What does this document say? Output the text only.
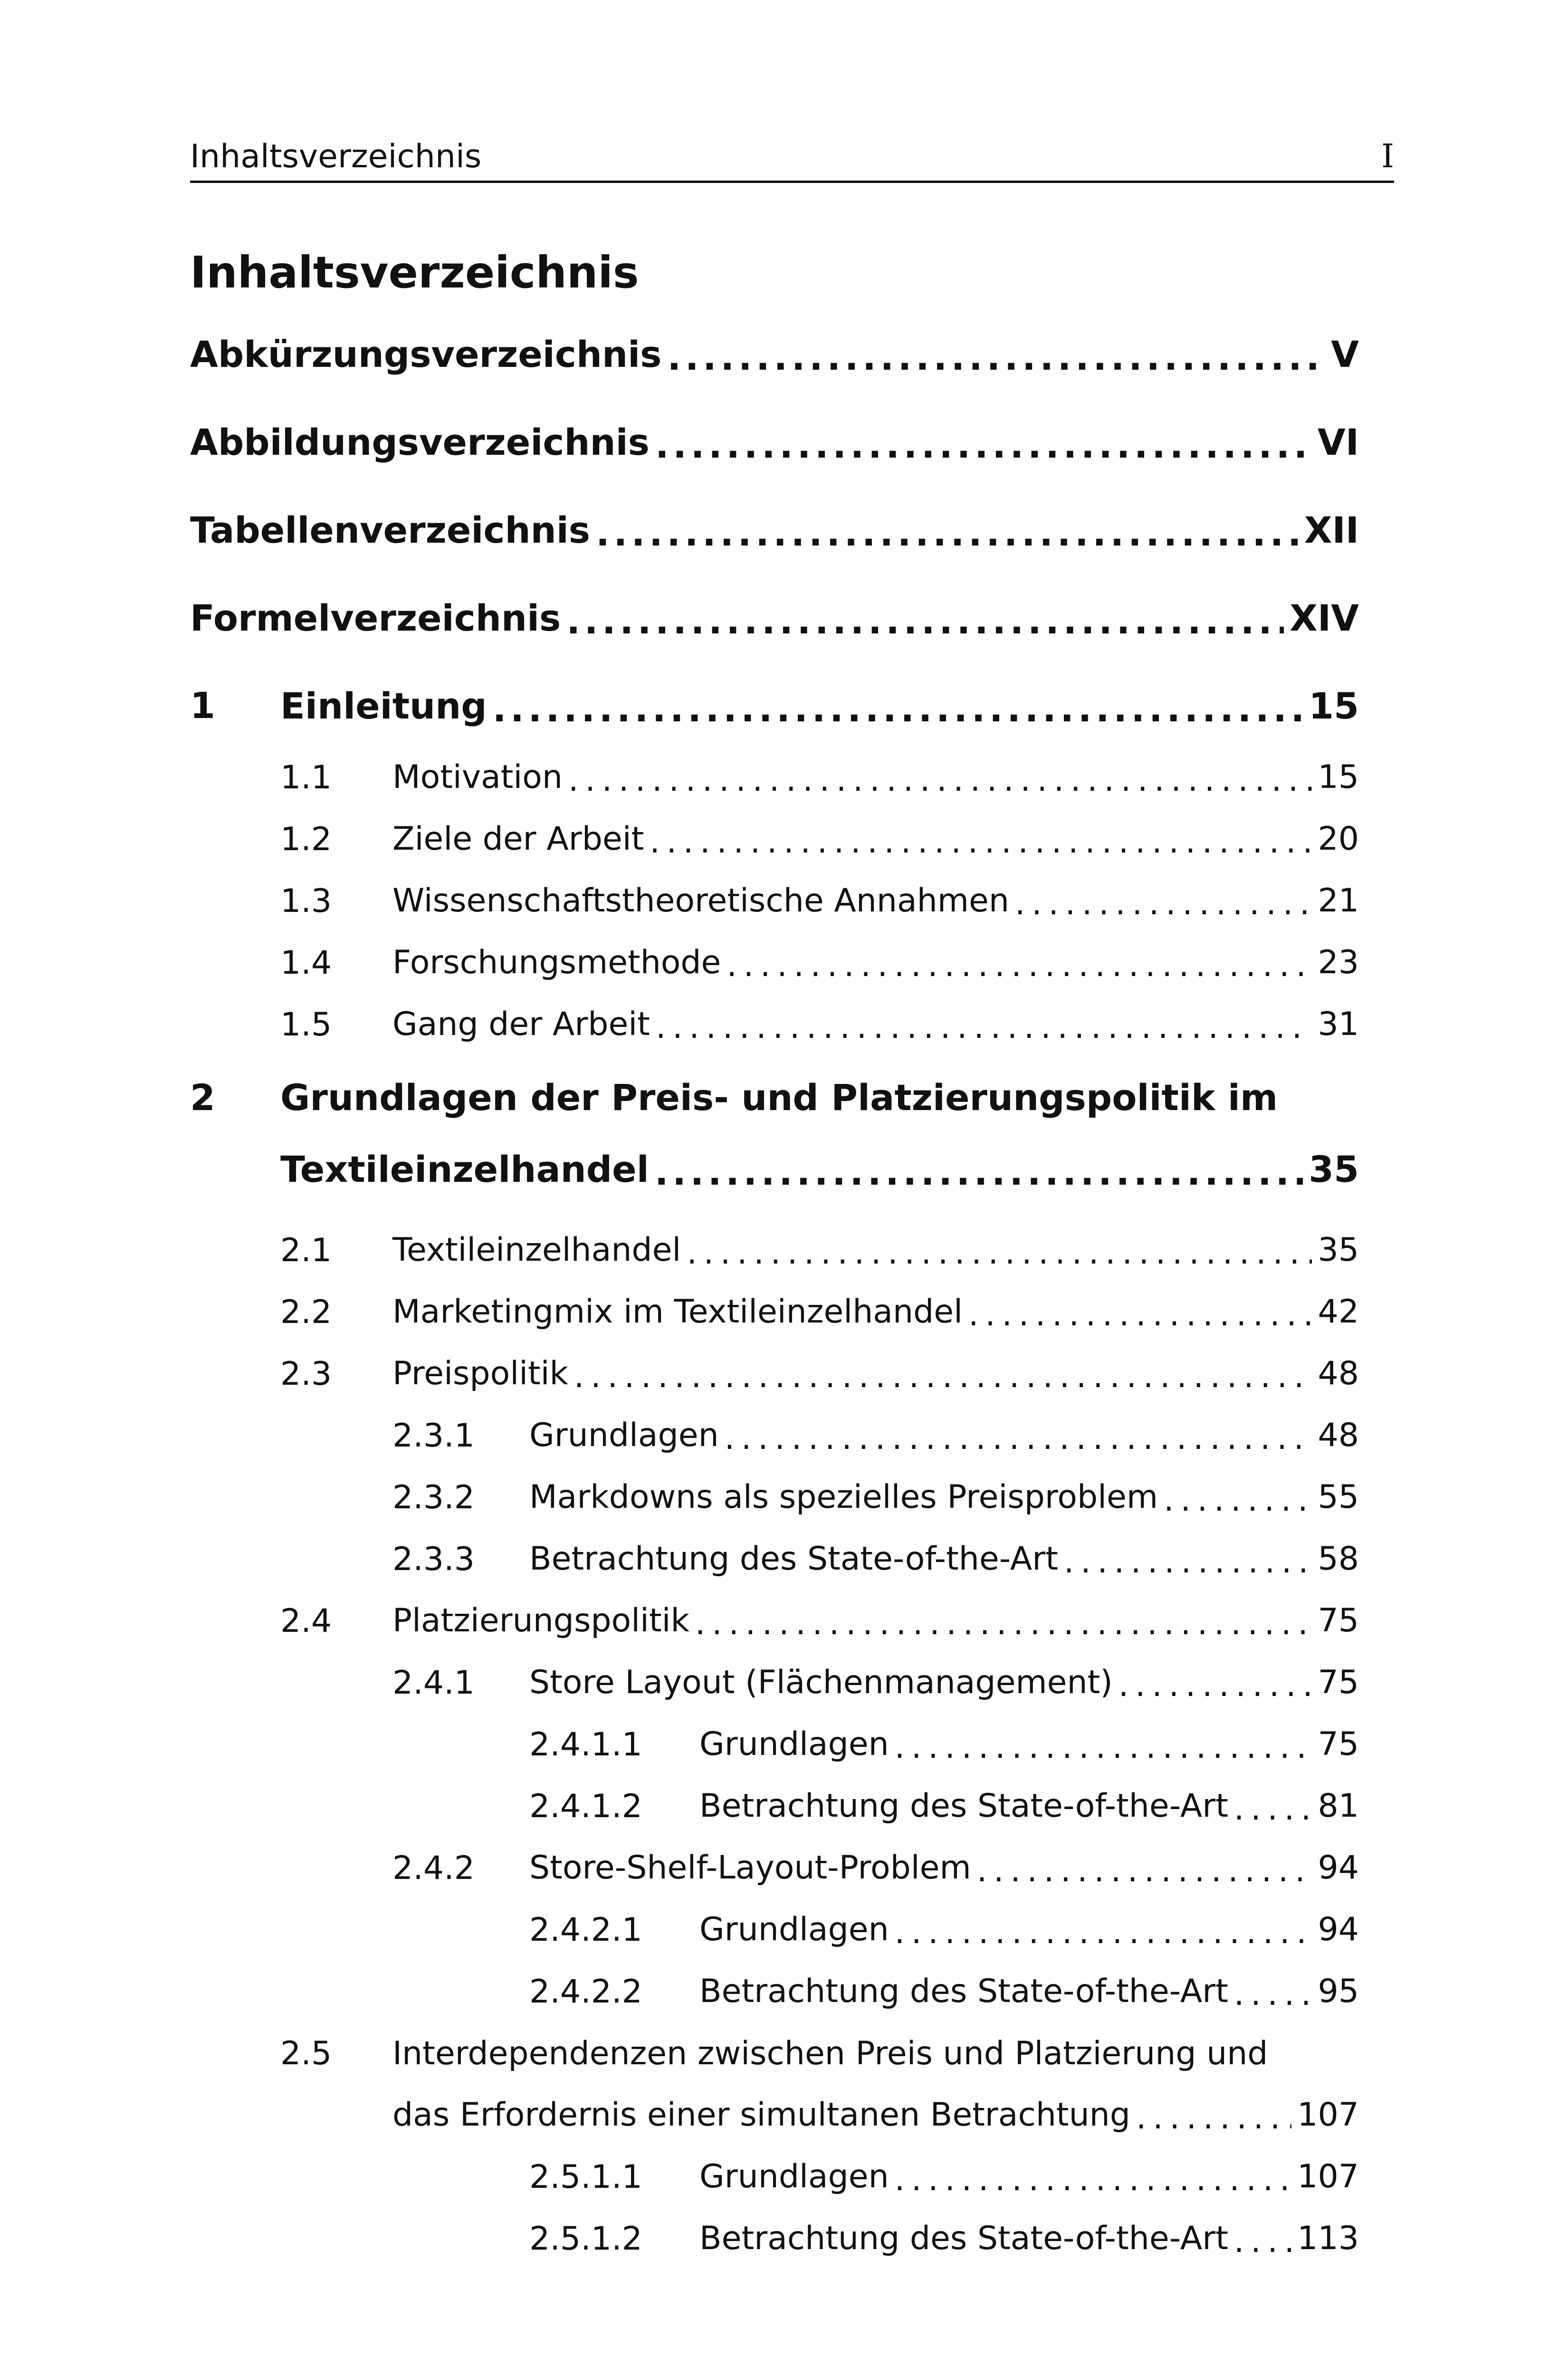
Inhaltsverzeichnis	I
Inhaltsverzeichnis
Abkürzungsverzeichnis . . .	V
Abbildungsverzeichnis . . .	VI
Tabellenverzeichnis . . .	XII
Formelverzeichnis . . .	XIV
1 Einleitung . . .	15
1.1 Motivation . . .	15
1.2 Ziele der Arbeit . . .	20
1.3 Wissenschaftstheoretische Annahmen . . .	21
1.4 Forschungsmethode . . .	23
1.5 Gang der Arbeit . . .	31
2 Grundlagen der Preis- und Platzierungspolitik im
Textileinzelhandel . . .	35
2.1 Textileinzelhandel . . .	35
2.2 Marketingmix im Textileinzelhandel . . .	42
2.3 Preispolitik . . .	48
2.3.1 Grundlagen . . .	48
2.3.2 Markdowns als spezielles Preisproblem . . .	55
2.3.3 Betrachtung des State-of-the-Art . . .	58
2.4 Platzierungspolitik . . .	75
2.4.1 Store Layout (Flächenmanagement) . . .	75
2.4.1.1 Grundlagen . . .	75
2.4.1.2 Betrachtung des State-of-the-Art . . .	81
2.4.2 Store-Shelf-Layout-Problem . . .	94
2.4.2.1 Grundlagen . . .	94
2.4.2.2 Betrachtung des State-of-the-Art . . .	95
2.5 Interdependenzen zwischen Preis und Platzierung und
das Erfordernis einer simultanen Betrachtung . . .	107
2.5.1.1 Grundlagen . . .	107
2.5.1.2 Betrachtung des State-of-the-Art . . . 113
